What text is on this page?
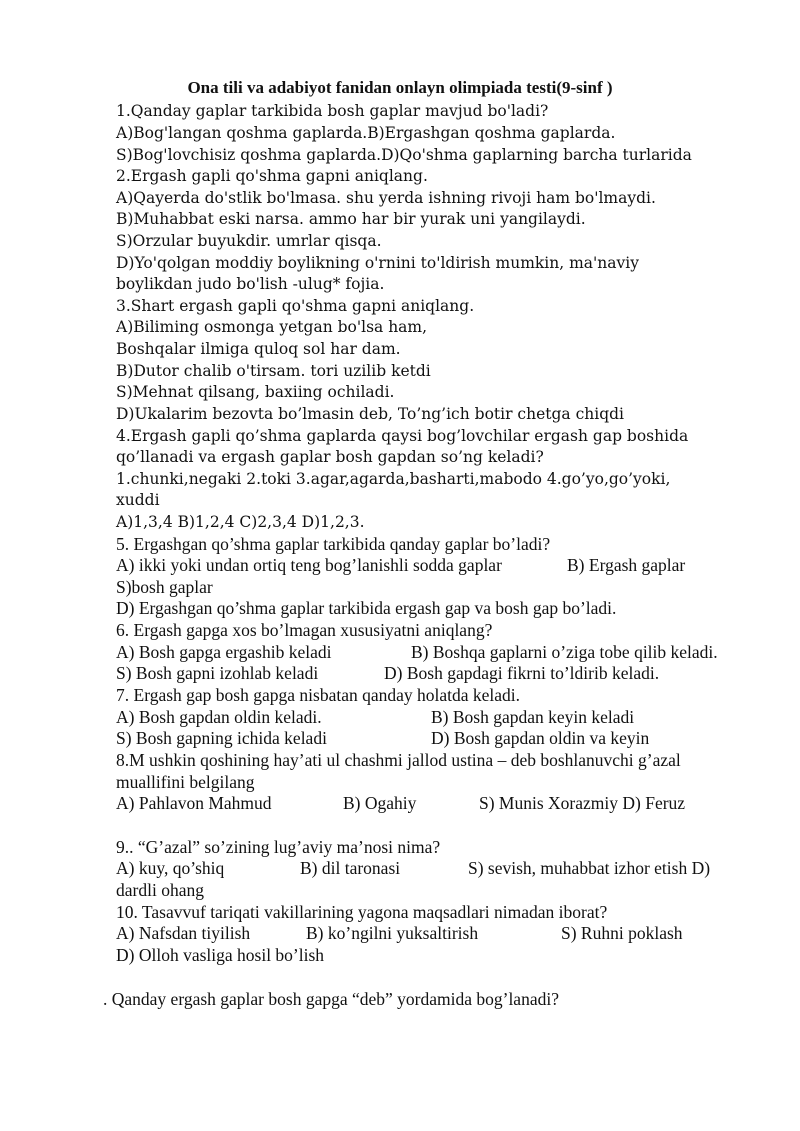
Ona tili va adabiyot fanidan onlayn olimpiada testi(9-sinf )
1.Qanday gaplar tarkibida bosh gaplar mavjud bo'ladi?
A)Bog'langan qoshma gaplarda.B)Ergashgan qoshma gaplarda.
S)Bog'lovchisiz qoshma gaplarda.D)Qo'shma gaplarning barcha turlarida
2.Ergash gapli qo'shma gapni aniqlang.
A)Qayerda do'stlik bo'lmasa. shu yerda ishning rivoji ham bo'lmaydi.
B)Muhabbat eski narsa. ammo har bir yurak uni yangilaydi.
S)Orzular buyukdir. umrlar qisqa.
D)Yo'qolgan moddiy boylikning o'rnini to'ldirish mumkin, ma'naviy
boylikdan judo bo'lish -ulug* fojia.
3.Shart ergash gapli qo'shma gapni aniqlang.
A)Biliming osmonga yetgan bo'lsa ham,
Boshqalar ilmiga quloq sol har dam.
B)Dutor chalib o'tirsam. tori uzilib ketdi
S)Mehnat qilsang, baxiing ochiladi.
D)Ukalarim bezovta bo’lmasin deb, To’ng’ich botir chetga chiqdi
4.Ergash gapli qo’shma gaplarda qaysi bog’lovchilar ergash gap boshida
qo’llanadi va ergash gaplar bosh gapdan so’ng keladi?
1.chunki,negaki 2.toki 3.agar,agarda,basharti,mabodo 4.go’yo,go’yoki,
xuddi
A)1,3,4 B)1,2,4 C)2,3,4 D)1,2,3.
5. Ergashgan qo’shma gaplar tarkibida qanday gaplar bo’ladi?
A) ikki yoki undan ortiq teng bog’lanishli sodda gaplar	B) Ergash gaplar
S)bosh gaplar
D) Ergashgan qo’shma gaplar tarkibida ergash gap va bosh gap bo’ladi.
6. Ergash gapga xos bo’lmagan xususiyatni aniqlang?
A) Bosh gapga ergashib keladi	B) Boshqa gaplarni o’ziga tobe qilib keladi.
S) Bosh gapni izohlab keladi	D) Bosh gapdagi fikrni to’ldirib keladi.
7. Ergash gap bosh gapga nisbatan qanday holatda keladi.
A) Bosh gapdan oldin keladi.	B) Bosh gapdan keyin keladi
S) Bosh gapning ichida keladi	D) Bosh gapdan oldin va keyin
8.M ushkin qoshining hay’ati ul chashmi jallod ustina – deb boshlanuvchi g’azal
muallifini belgilang
A) Pahlavon Mahmud	B) Ogahiy	S) Munis Xorazmiy D) Feruz
9.. “G’azal” so’zining lug’aviy ma’nosi nima?
A) kuy, qo’shiq	B) dil taronasi	S) sevish, muhabbat izhor etish D)
dardli ohang
10. Tasavvuf tariqati vakillarining yagona maqsadlari nimadan iborat?
A) Nafsdan tiyilish	B) ko’ngilni yuksaltirish	S) Ruhni poklash
D) Olloh vasliga hosil bo’lish
. Qanday ergash gaplar bosh gapga “deb” yordamida bog’lanadi?
